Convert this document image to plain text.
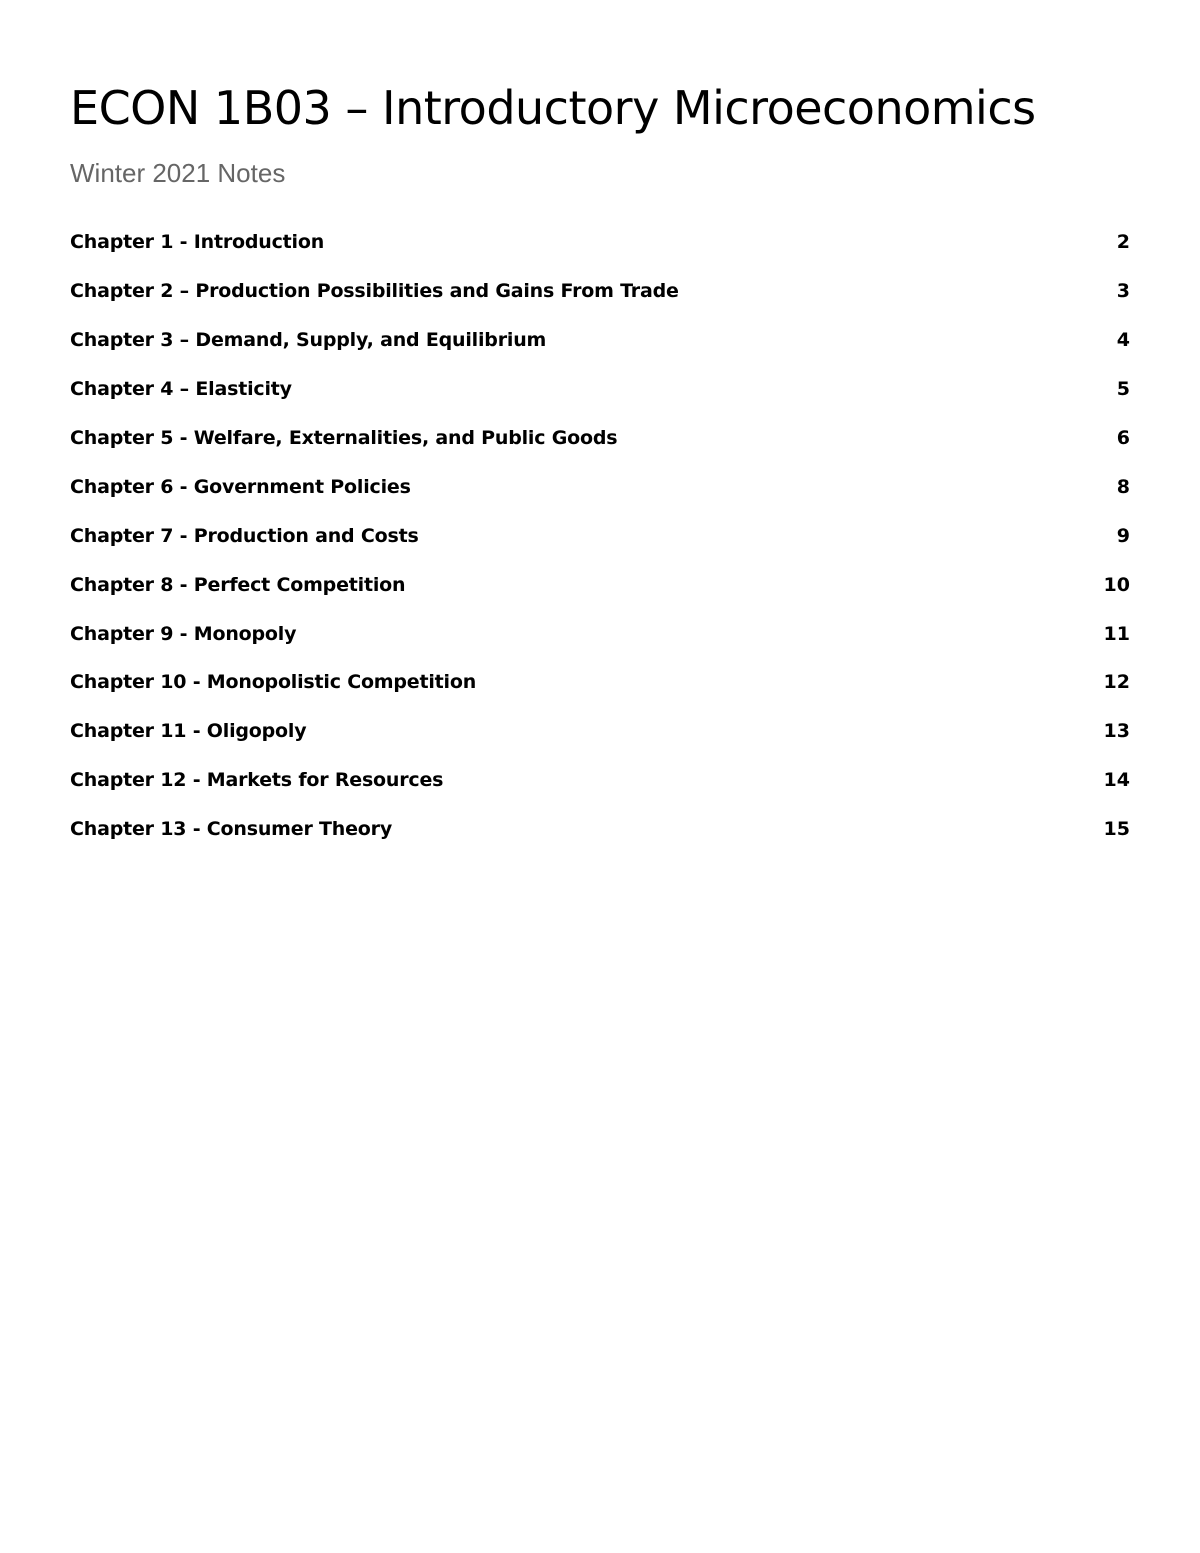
ECON 1B03 – Introductory Microeconomics
Winter 2021 Notes
Chapter 1 - Introduction	2
Chapter 2 – Production Possibilities and Gains From Trade	3
Chapter 3 – Demand, Supply, and Equilibrium	4
Chapter 4 – Elasticity	5
Chapter 5 - Welfare, Externalities, and Public Goods	6
Chapter 6 - Government Policies	8
Chapter 7 - Production and Costs	9
Chapter 8 - Perfect Competition	10
Chapter 9 - Monopoly	11
Chapter 10 - Monopolistic Competition	12
Chapter 11 - Oligopoly	13
Chapter 12 - Markets for Resources	14
Chapter 13 - Consumer Theory	15
